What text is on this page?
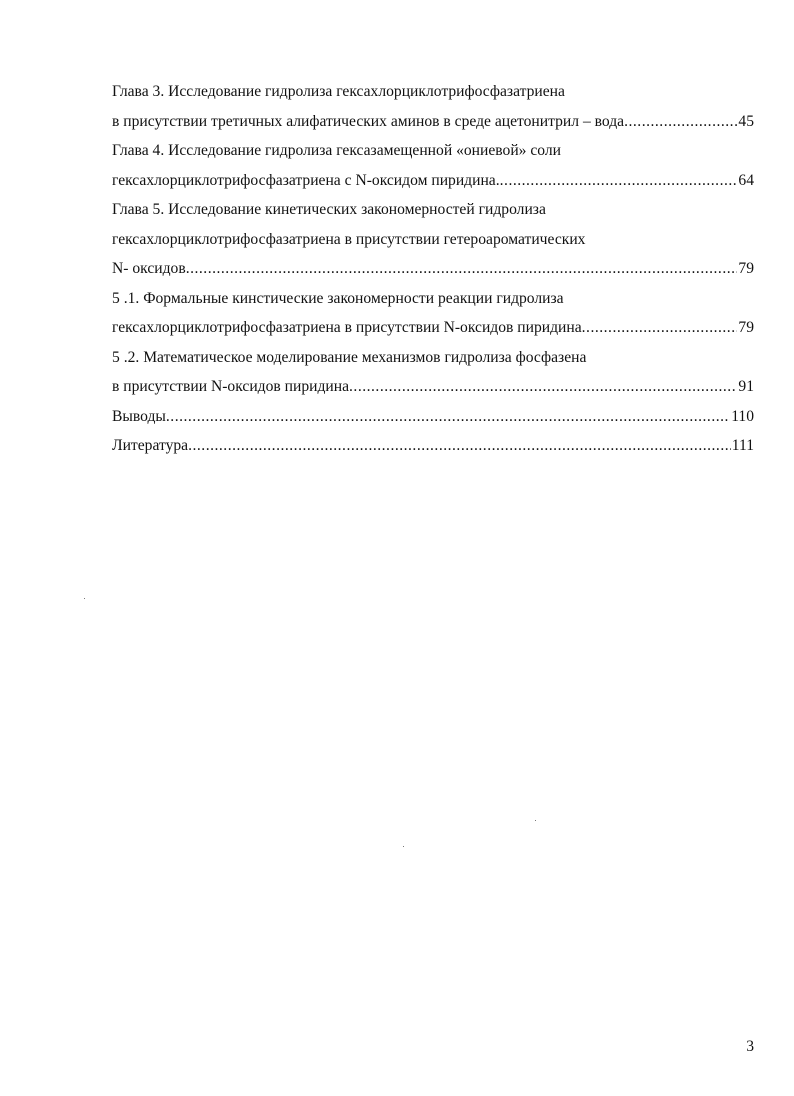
Глава 3. Исследование гидролиза гексахлорциклотрифосфазатриена
в присутствии третичных алифатических аминов в среде ацетонитрил – вода .....	45
Глава 4. Исследование гидролиза гексазамещенной «ониевой» соли
гексахлорциклотрифосфазатриена с N-оксидом пиридина. .....	64
Глава 5. Исследование кинетических закономерностей гидролиза
гексахлорциклотрифосфазатриена в присутствии гетероароматических
N- оксидов .....	79
5 .1. Формальные кинстические закономерности реакции гидролиза
гексахлорциклотрифосфазатриена в присутствии N-оксидов пиридина .....	79
5 .2. Математическое моделирование механизмов гидролиза фосфазена
в присутствии N-оксидов пиридина .....	91
Выводы .....	110
Литература .....	111
3
